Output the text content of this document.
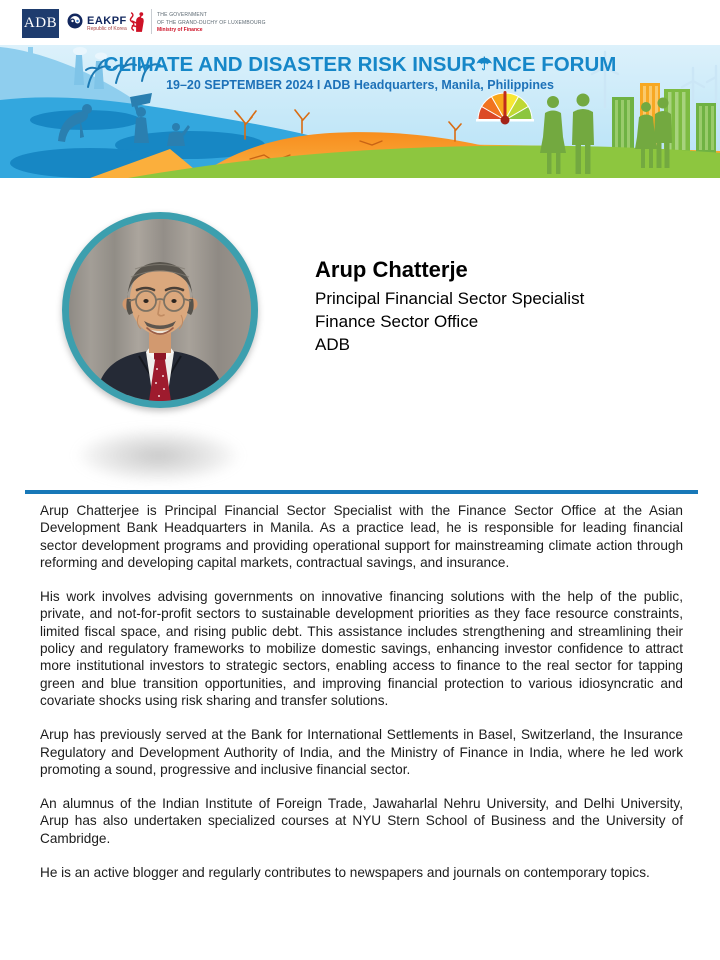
ADB	EAKPF
Republic of Korea
THE GOVERNMENT
OF THE GRAND-DUCHY OF LUXEMBOURG
Ministry of Finance
CLIMATE AND DISASTER RISK INSUR☂NCE FORUM
19–20 SEPTEMBER 2024 I ADB Headquarters, Manila, Philippines
Arup Chatterje
Principal Financial Sector Specialist
Finance Sector Office
ADB

Arup Chatterjee is Principal Financial Sector Specialist with the Finance Sector Office at the Asian Development Bank Headquarters in Manila. As a practice lead, he is responsible for leading financial sector development programs and providing operational support for mainstreaming climate action through reforming and developing capital markets, contractual savings, and insurance.

His work involves advising governments on innovative financing solutions with the help of the public, private, and not-for-profit sectors to sustainable development priorities as they face resource constraints, limited fiscal space, and rising public debt. This assistance includes strengthening and streamlining their policy and regulatory frameworks to mobilize domestic savings, enhancing investor confidence to attract more institutional investors to strategic sectors, enabling access to finance to the real sector for tapping green and blue transition opportunities, and improving financial protection to various idiosyncratic and covariate shocks using risk sharing and transfer solutions.

Arup has previously served at the Bank for International Settlements in Basel, Switzerland, the Insurance Regulatory and Development Authority of India, and the Ministry of Finance in India, where he led work promoting a sound, progressive and inclusive financial sector.

An alumnus of the Indian Institute of Foreign Trade, Jawaharlal Nehru University, and Delhi University, Arup has also undertaken specialized courses at NYU Stern School of Business and the University of Cambridge.

He is an active blogger and regularly contributes to newspapers and journals on contemporary topics.
